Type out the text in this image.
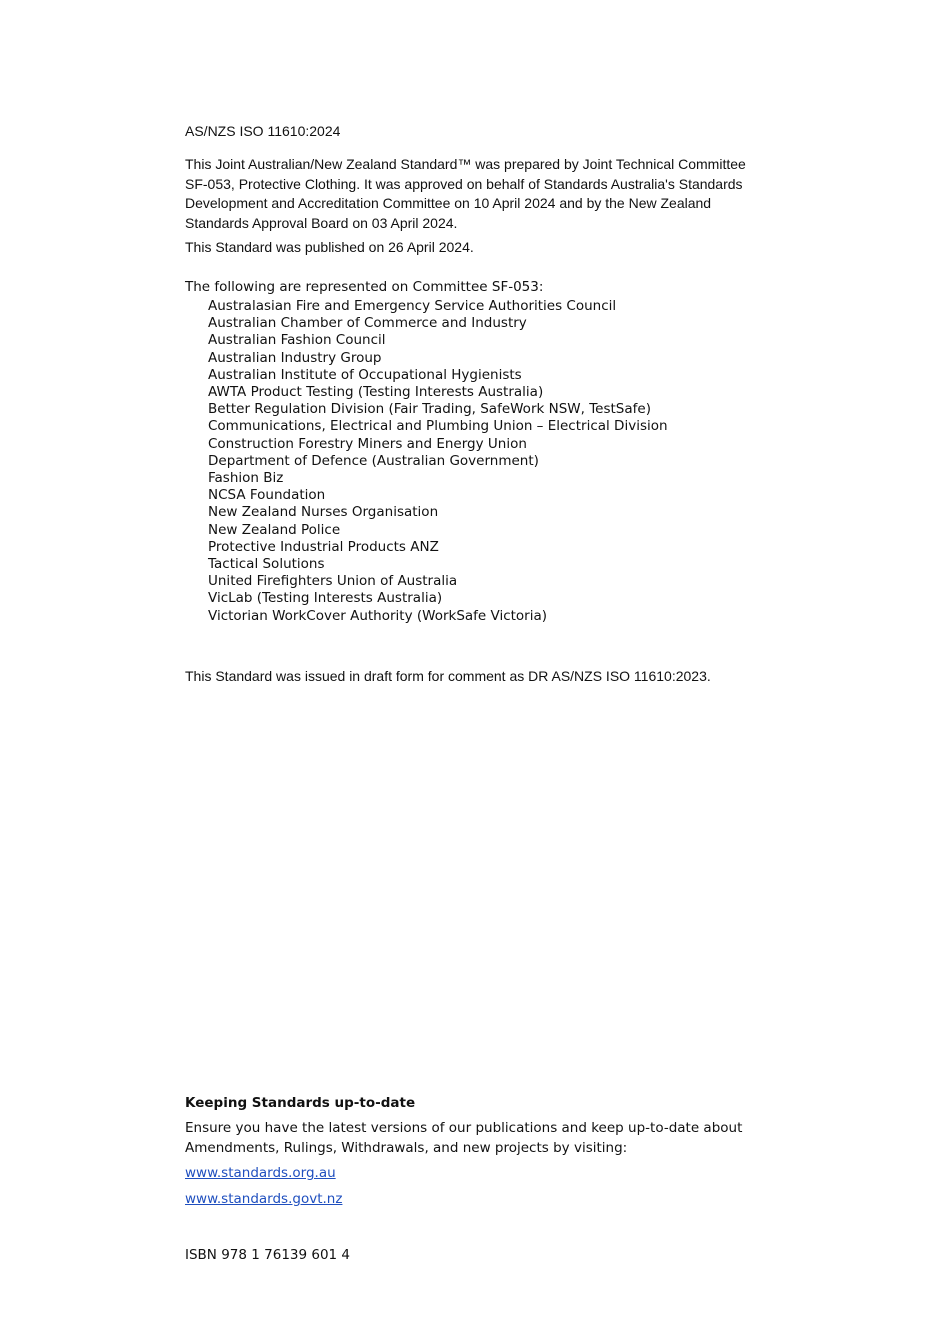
AS/NZS ISO 11610:2024

This Joint Australian/New Zealand Standard™ was prepared by Joint Technical Committee SF-053, Protective Clothing. It was approved on behalf of Standards Australia's Standards Development and Accreditation Committee on 10 April 2024 and by the New Zealand Standards Approval Board on 03 April 2024.

This Standard was published on 26 April 2024.

The following are represented on Committee SF-053:

Australasian Fire and Emergency Service Authorities Council
Australian Chamber of Commerce and Industry
Australian Fashion Council
Australian Industry Group
Australian Institute of Occupational Hygienists
AWTA Product Testing (Testing Interests Australia)
Better Regulation Division (Fair Trading, SafeWork NSW, TestSafe)
Communications, Electrical and Plumbing Union – Electrical Division
Construction Forestry Miners and Energy Union
Department of Defence (Australian Government)
Fashion Biz
NCSA Foundation
New Zealand Nurses Organisation
New Zealand Police
Protective Industrial Products ANZ
Tactical Solutions
United Firefighters Union of Australia
VicLab (Testing Interests Australia)
Victorian WorkCover Authority (WorkSafe Victoria)

This Standard was issued in draft form for comment as DR AS/NZS ISO 11610:2023.

Keeping Standards up-to-date

Ensure you have the latest versions of our publications and keep up-to-date about Amendments, Rulings, Withdrawals, and new projects by visiting:

www.standards.org.au
www.standards.govt.nz

ISBN 978 1 76139 601 4
